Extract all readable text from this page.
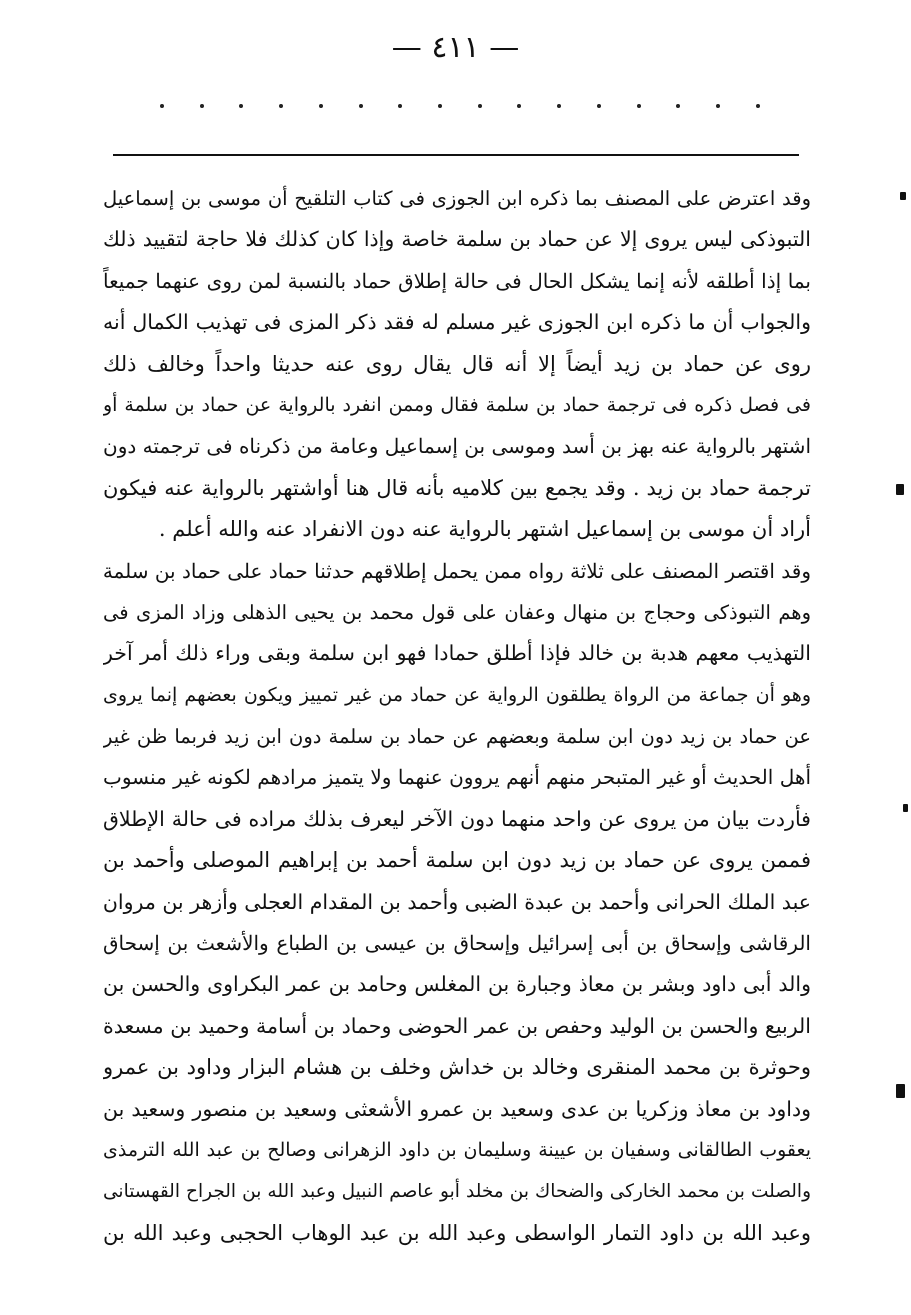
— ٤١١ —
وقد اعترض على المصنف بما ذكره ابن الجوزى فى كتاب التلقيح أن موسى بن إسماعيل
التبوذكى ليس يروى إلا عن حماد بن سلمة خاصة وإذا كان كذلك فلا حاجة لتقييد ذلك
بما إذا أطلقه لأنه إنما يشكل الحال فى حالة إطلاق حماد بالنسبة لمن روى عنهما جميعاً
والجواب أن ما ذكره ابن الجوزى غير مسلم له فقد ذكر المزى فى تهذيب الكمال أنه
روى عن حماد بن زيد أيضاً إلا أنه قال يقال روى عنه حديثا واحداً وخالف ذلك
فى فصل ذكره فى ترجمة حماد بن سلمة فقال وممن انفرد بالرواية عن حماد بن سلمة أو
اشتهر بالرواية عنه بهز بن أسد وموسى بن إسماعيل وعامة من ذكرناه فى ترجمته دون
ترجمة حماد بن زيد . وقد يجمع بين كلاميه بأنه قال هنا أواشتهر بالرواية عنه فيكون
أراد أن موسى بن إسماعيل اشتهر بالرواية عنه دون الانفراد عنه والله أعلم .
وقد اقتصر المصنف على ثلاثة رواه ممن يحمل إطلاقهم حدثنا حماد على حماد بن سلمة
وهم التبوذكى وحجاج بن منهال وعفان على قول محمد بن يحيى الذهلى وزاد المزى فى
التهذيب معهم هدبة بن خالد فإذا أطلق حمادا فهو ابن سلمة وبقى وراء ذلك أمر آخر
وهو أن جماعة من الرواة يطلقون الرواية عن حماد من غير تمييز ويكون بعضهم إنما يروى
عن حماد بن زيد دون ابن سلمة وبعضهم عن حماد بن سلمة دون ابن زيد فربما ظن غير
أهل الحديث أو غير المتبحر منهم أنهم يروون عنهما ولا يتميز مرادهم لكونه غير منسوب
فأردت بيان من يروى عن واحد منهما دون الآخر ليعرف بذلك مراده فى حالة الإطلاق
فممن يروى عن حماد بن زيد دون ابن سلمة أحمد بن إبراهيم الموصلى وأحمد بن
عبد الملك الحرانى وأحمد بن عبدة الضبى وأحمد بن المقدام العجلى وأزهر بن مروان
الرقاشى وإسحاق بن أبى إسرائيل وإسحاق بن عيسى بن الطباع والأشعث بن إسحاق
والد أبى داود وبشر بن معاذ وجبارة بن المغلس وحامد بن عمر البكراوى والحسن بن
الربيع والحسن بن الوليد وحفص بن عمر الحوضى وحماد بن أسامة وحميد بن مسعدة
وحوثرة بن محمد المنقرى وخالد بن خداش وخلف بن هشام البزار وداود بن عمرو
وداود بن معاذ وزكريا بن عدى وسعيد بن عمرو الأشعثى وسعيد بن منصور وسعيد بن
يعقوب الطالقانى وسفيان بن عيينة وسليمان بن داود الزهرانى وصالح بن عبد الله الترمذى
والصلت بن محمد الخاركى والضحاك بن مخلد أبو عاصم النبيل وعبد الله بن الجراح القهستانى
وعبد الله بن داود التمار الواسطى وعبد الله بن عبد الوهاب الحجبى وعبد الله بن
